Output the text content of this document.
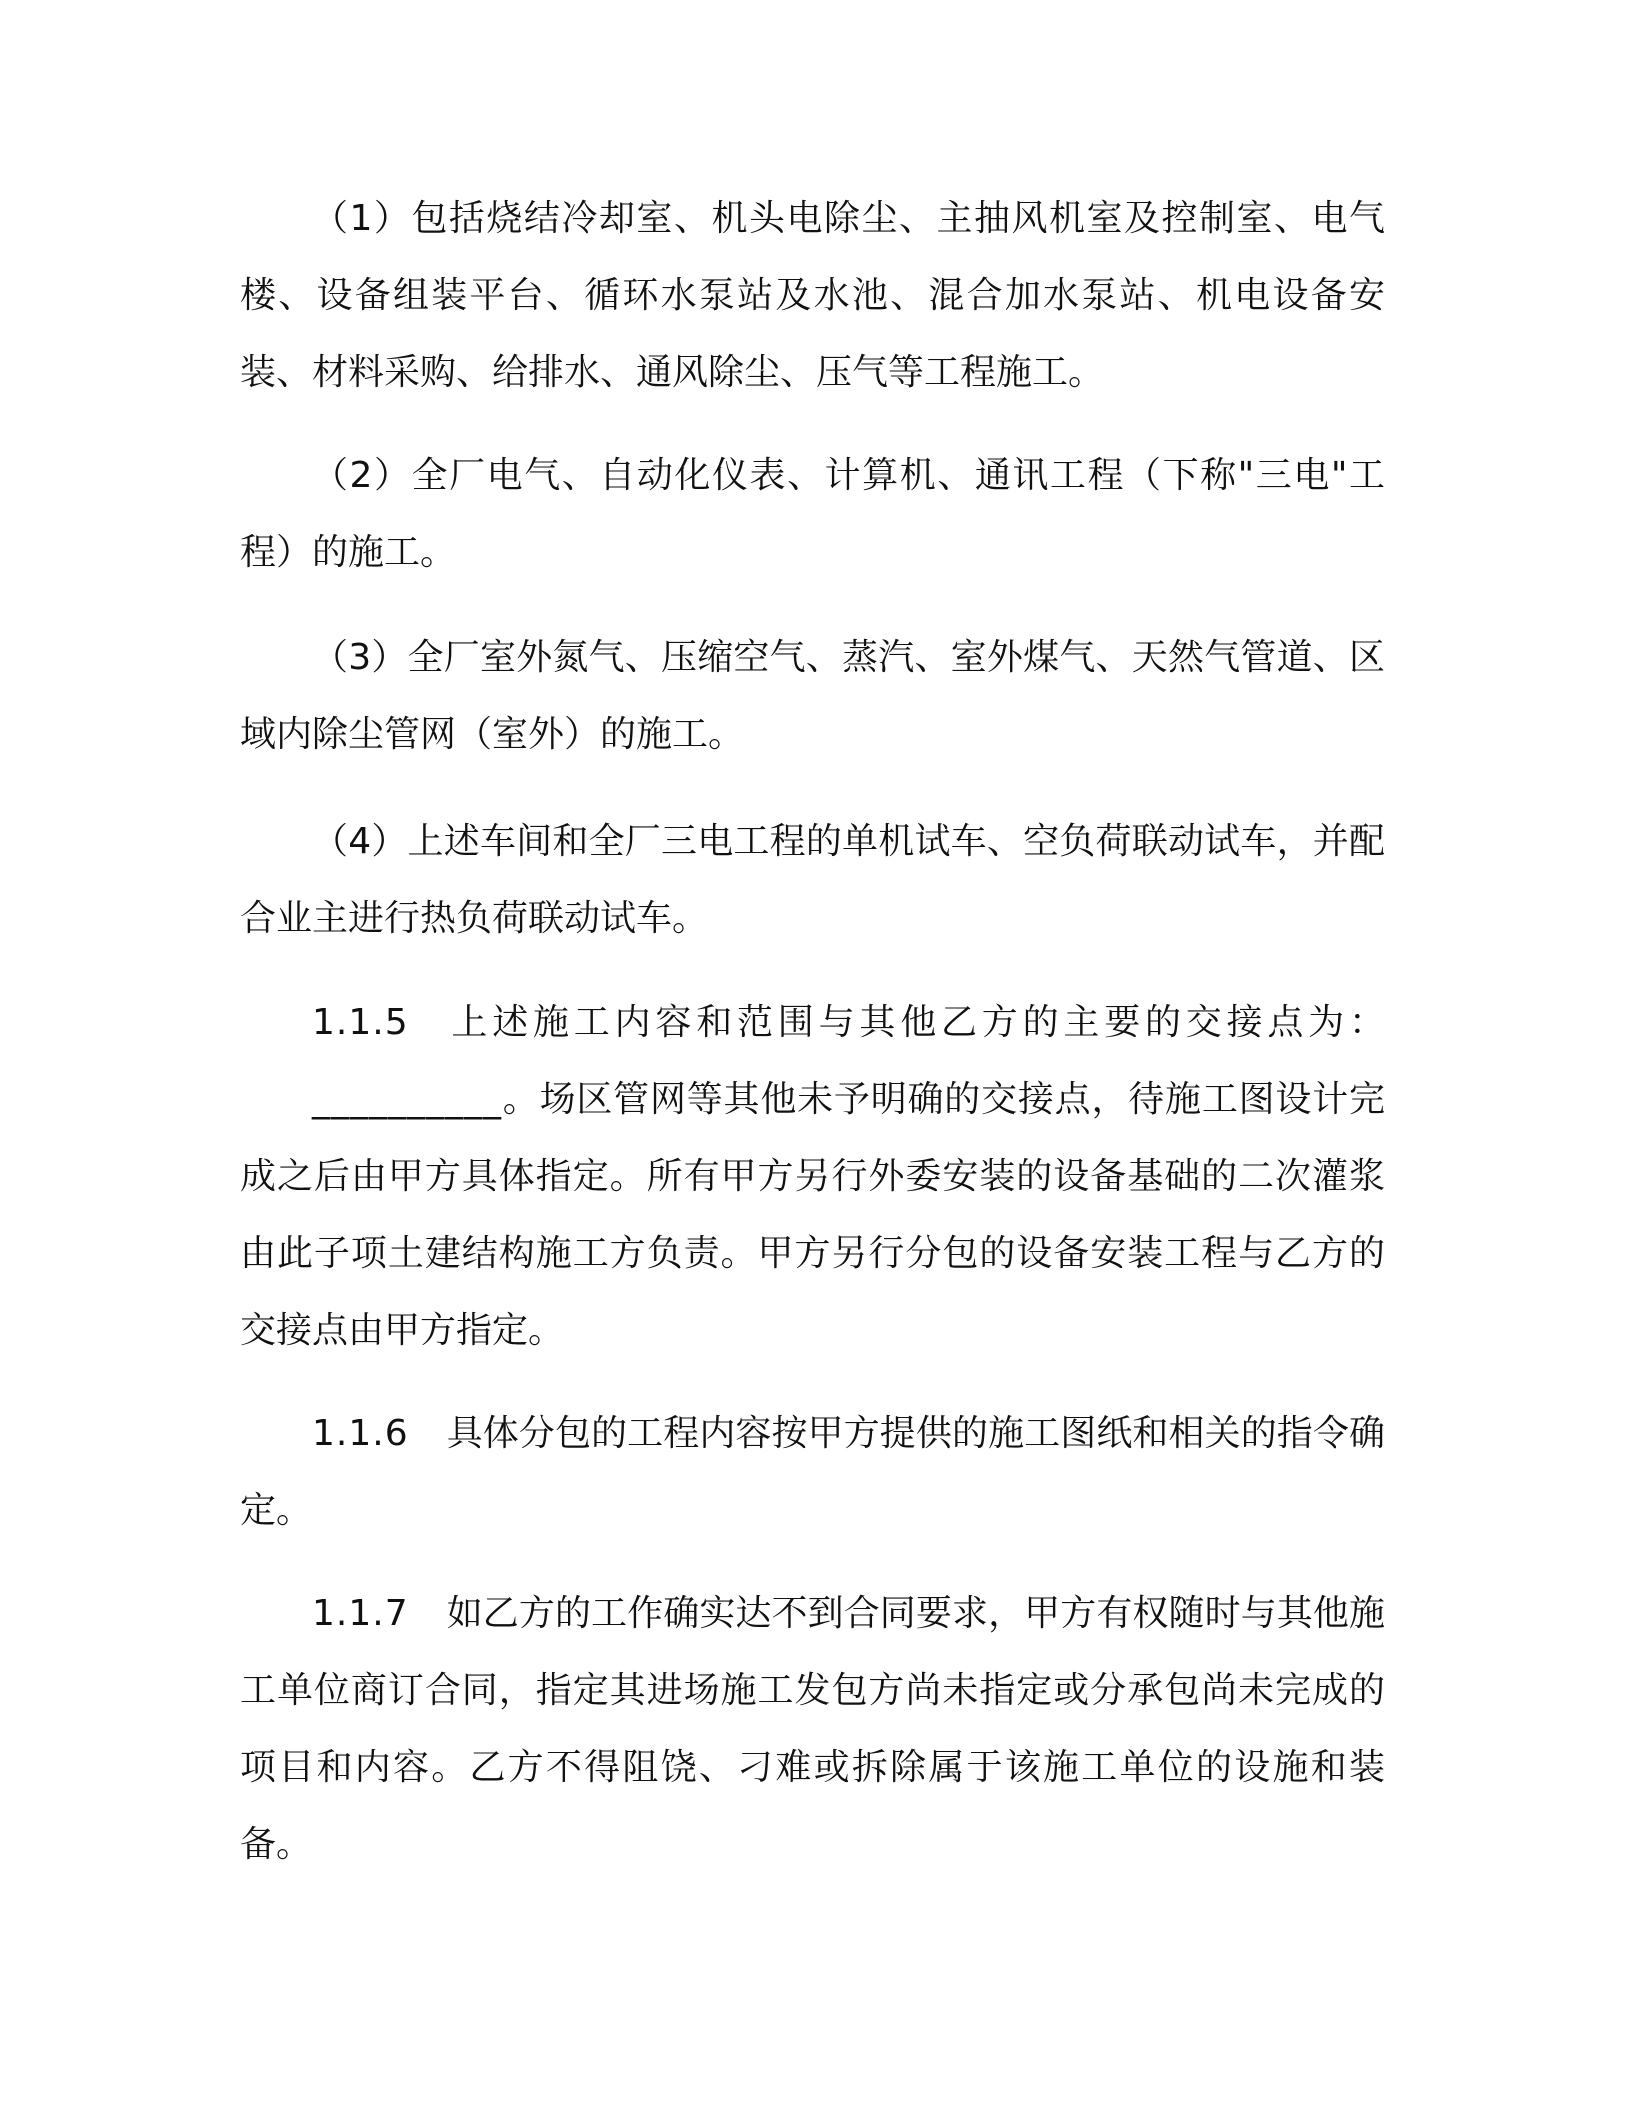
（1）包括烧结冷却室、机头电除尘、主抽风机室及控制室、电气楼、设备组装平台、循环水泵站及水池、混合加水泵站、机电设备安装、材料采购、给排水、通风除尘、压气等工程施工。

（2）全厂电气、自动化仪表、计算机、通讯工程（下称"三电"工程）的施工。

（3）全厂室外氮气、压缩空气、蒸汽、室外煤气、天然气管道、区域内除尘管网（室外）的施工。

（4）上述车间和全厂三电工程的单机试车、空负荷联动试车，并配合业主进行热负荷联动试车。

1.1.5 上述施工内容和范围与其他乙方的主要的交接点为：__________。场区管网等其他未予明确的交接点，待施工图设计完成之后由甲方具体指定。所有甲方另行外委安装的设备基础的二次灌浆由此子项土建结构施工方负责。甲方另行分包的设备安装工程与乙方的交接点由甲方指定。

1.1.6 具体分包的工程内容按甲方提供的施工图纸和相关的指令确定。

1.1.7 如乙方的工作确实达不到合同要求，甲方有权随时与其他施工单位商订合同，指定其进场施工发包方尚未指定或分承包尚未完成的项目和内容。乙方不得阻饶、刁难或拆除属于该施工单位的设施和装备。
